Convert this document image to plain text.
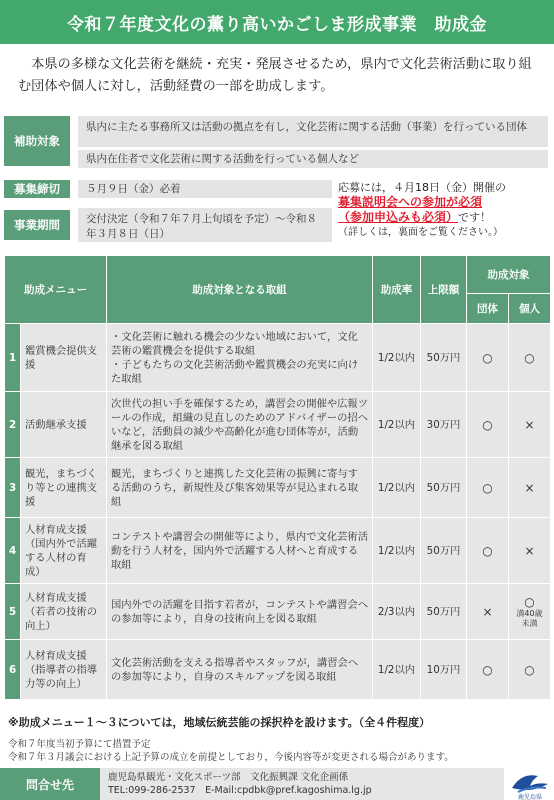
令和７年度文化の薫り高いかごしま形成事業　助成金
本県の多様な文化芸術を継続・充実・発展させるため，県内で文化芸術活動に取り組む団体や個人に対し，活動経費の一部を助成します。
補助対象
県内に主たる事務所又は活動の拠点を有し，文化芸術に関する活動（事業）を行っている団体
県内在住者で文化芸術に関する活動を行っている個人など
募集締切	５月９日（金）必着
事業期間	交付決定（令和７年７月上旬頃を予定）～令和８年３月８日（日）
応募には，４月18日（金）開催の
募集説明会への参加が必須
（参加申込みも必須）です！
（詳しくは，裏面をご覧ください。）
助成メニュー		助成対象となる取組	助成率	上限額	助成対象	
					団体	個人
1	鑑賞機会提供支援	・文化芸術に触れる機会の少ない地域において，文化芸術の鑑賞機会を提供する取組
・子どもたちの文化芸術活動や鑑賞機会の充実に向けた取組	1/2以内	50万円	○	○
2	活動継承支援	次世代の担い手を確保するため，講習会の開催や広報ツールの作成，組織の見直しのためのアドバイザーの招へいなど，活動員の減少や高齢化が進む団体等が，活動継承を図る取組	1/2以内	30万円	○	×
3	観光，まちづくり等との連携支援	観光，まちづくりと連携した文化芸術の振興に寄与する活動のうち，新規性及び集客効果等が見込まれる取組	1/2以内	50万円	○	×
4	人材育成支援（国内外で活躍する人材の育成）	コンテストや講習会の開催等により，県内で文化芸術活動を行う人材を，国内外で活躍する人材へと育成する取組	1/2以内	50万円	○	×
5	人材育成支援（若者の技術の向上）	国内外での活躍を目指す若者が，コンテストや講習会への参加等により，自身の技術向上を図る取組	2/3以内	50万円	×	○
満40歳未満

6	人材育成支援（指導者の指導力等の向上）	文化芸術活動を支える指導者やスタッフが，講習会への参加等により，自身のスキルアップを図る取組	1/2以内	10万円	○	○
※助成メニュー１～３については，地域伝統芸能の採択枠を設けます。（全４件程度）
令和７年度当初予算にて措置予定
令和７年３月議会における上記予算の成立を前提としており，今後内容等が変更される場合があります。
問合せ先	鹿児島県観光・文化スポーツ部　文化振興課 文化企画係
TEL:099-286-2537　E-Mail:cpdbk@pref.kagoshima.lg.jp
鹿児島県
